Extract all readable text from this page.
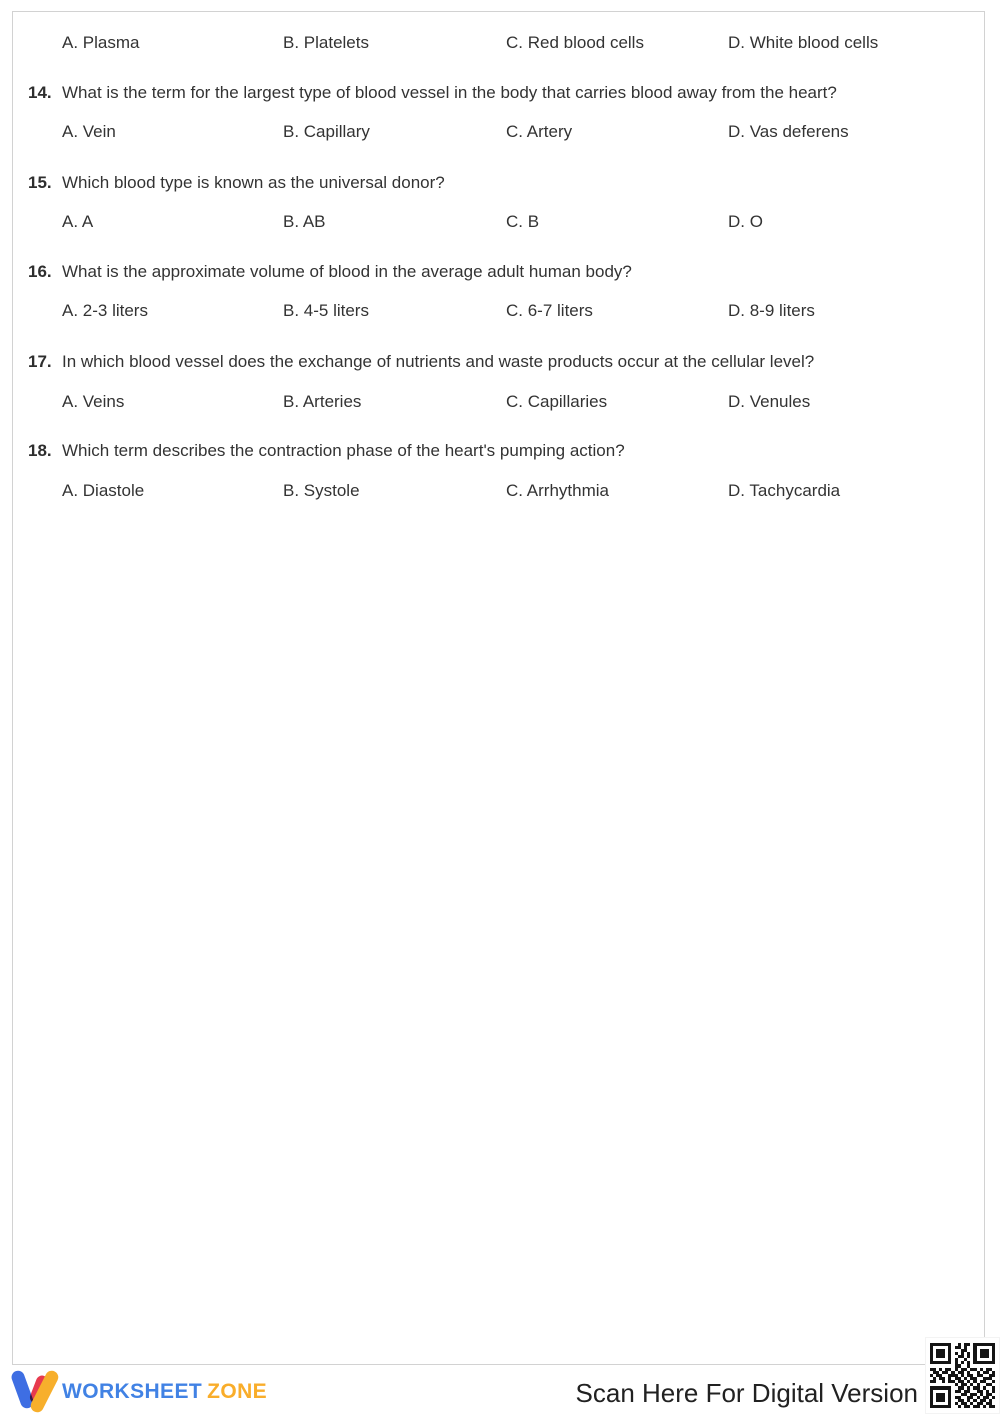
A. Plasma	B. Platelets	C. Red blood cells	D. White blood cells
14. What is the term for the largest type of blood vessel in the body that carries blood away from the heart?
A. Vein	B. Capillary	C. Artery	D. Vas deferens
15. Which blood type is known as the universal donor?
A. A	B. AB	C. B	D. O
16. What is the approximate volume of blood in the average adult human body?
A. 2-3 liters	B. 4-5 liters	C. 6-7 liters	D. 8-9 liters
17. In which blood vessel does the exchange of nutrients and waste products occur at the cellular level?
A. Veins	B. Arteries	C. Capillaries	D. Venules
18. Which term describes the contraction phase of the heart's pumping action?
A. Diastole	B. Systole	C. Arrhythmia	D. Tachycardia
WORKSHEET ZONE	Scan Here For Digital Version
